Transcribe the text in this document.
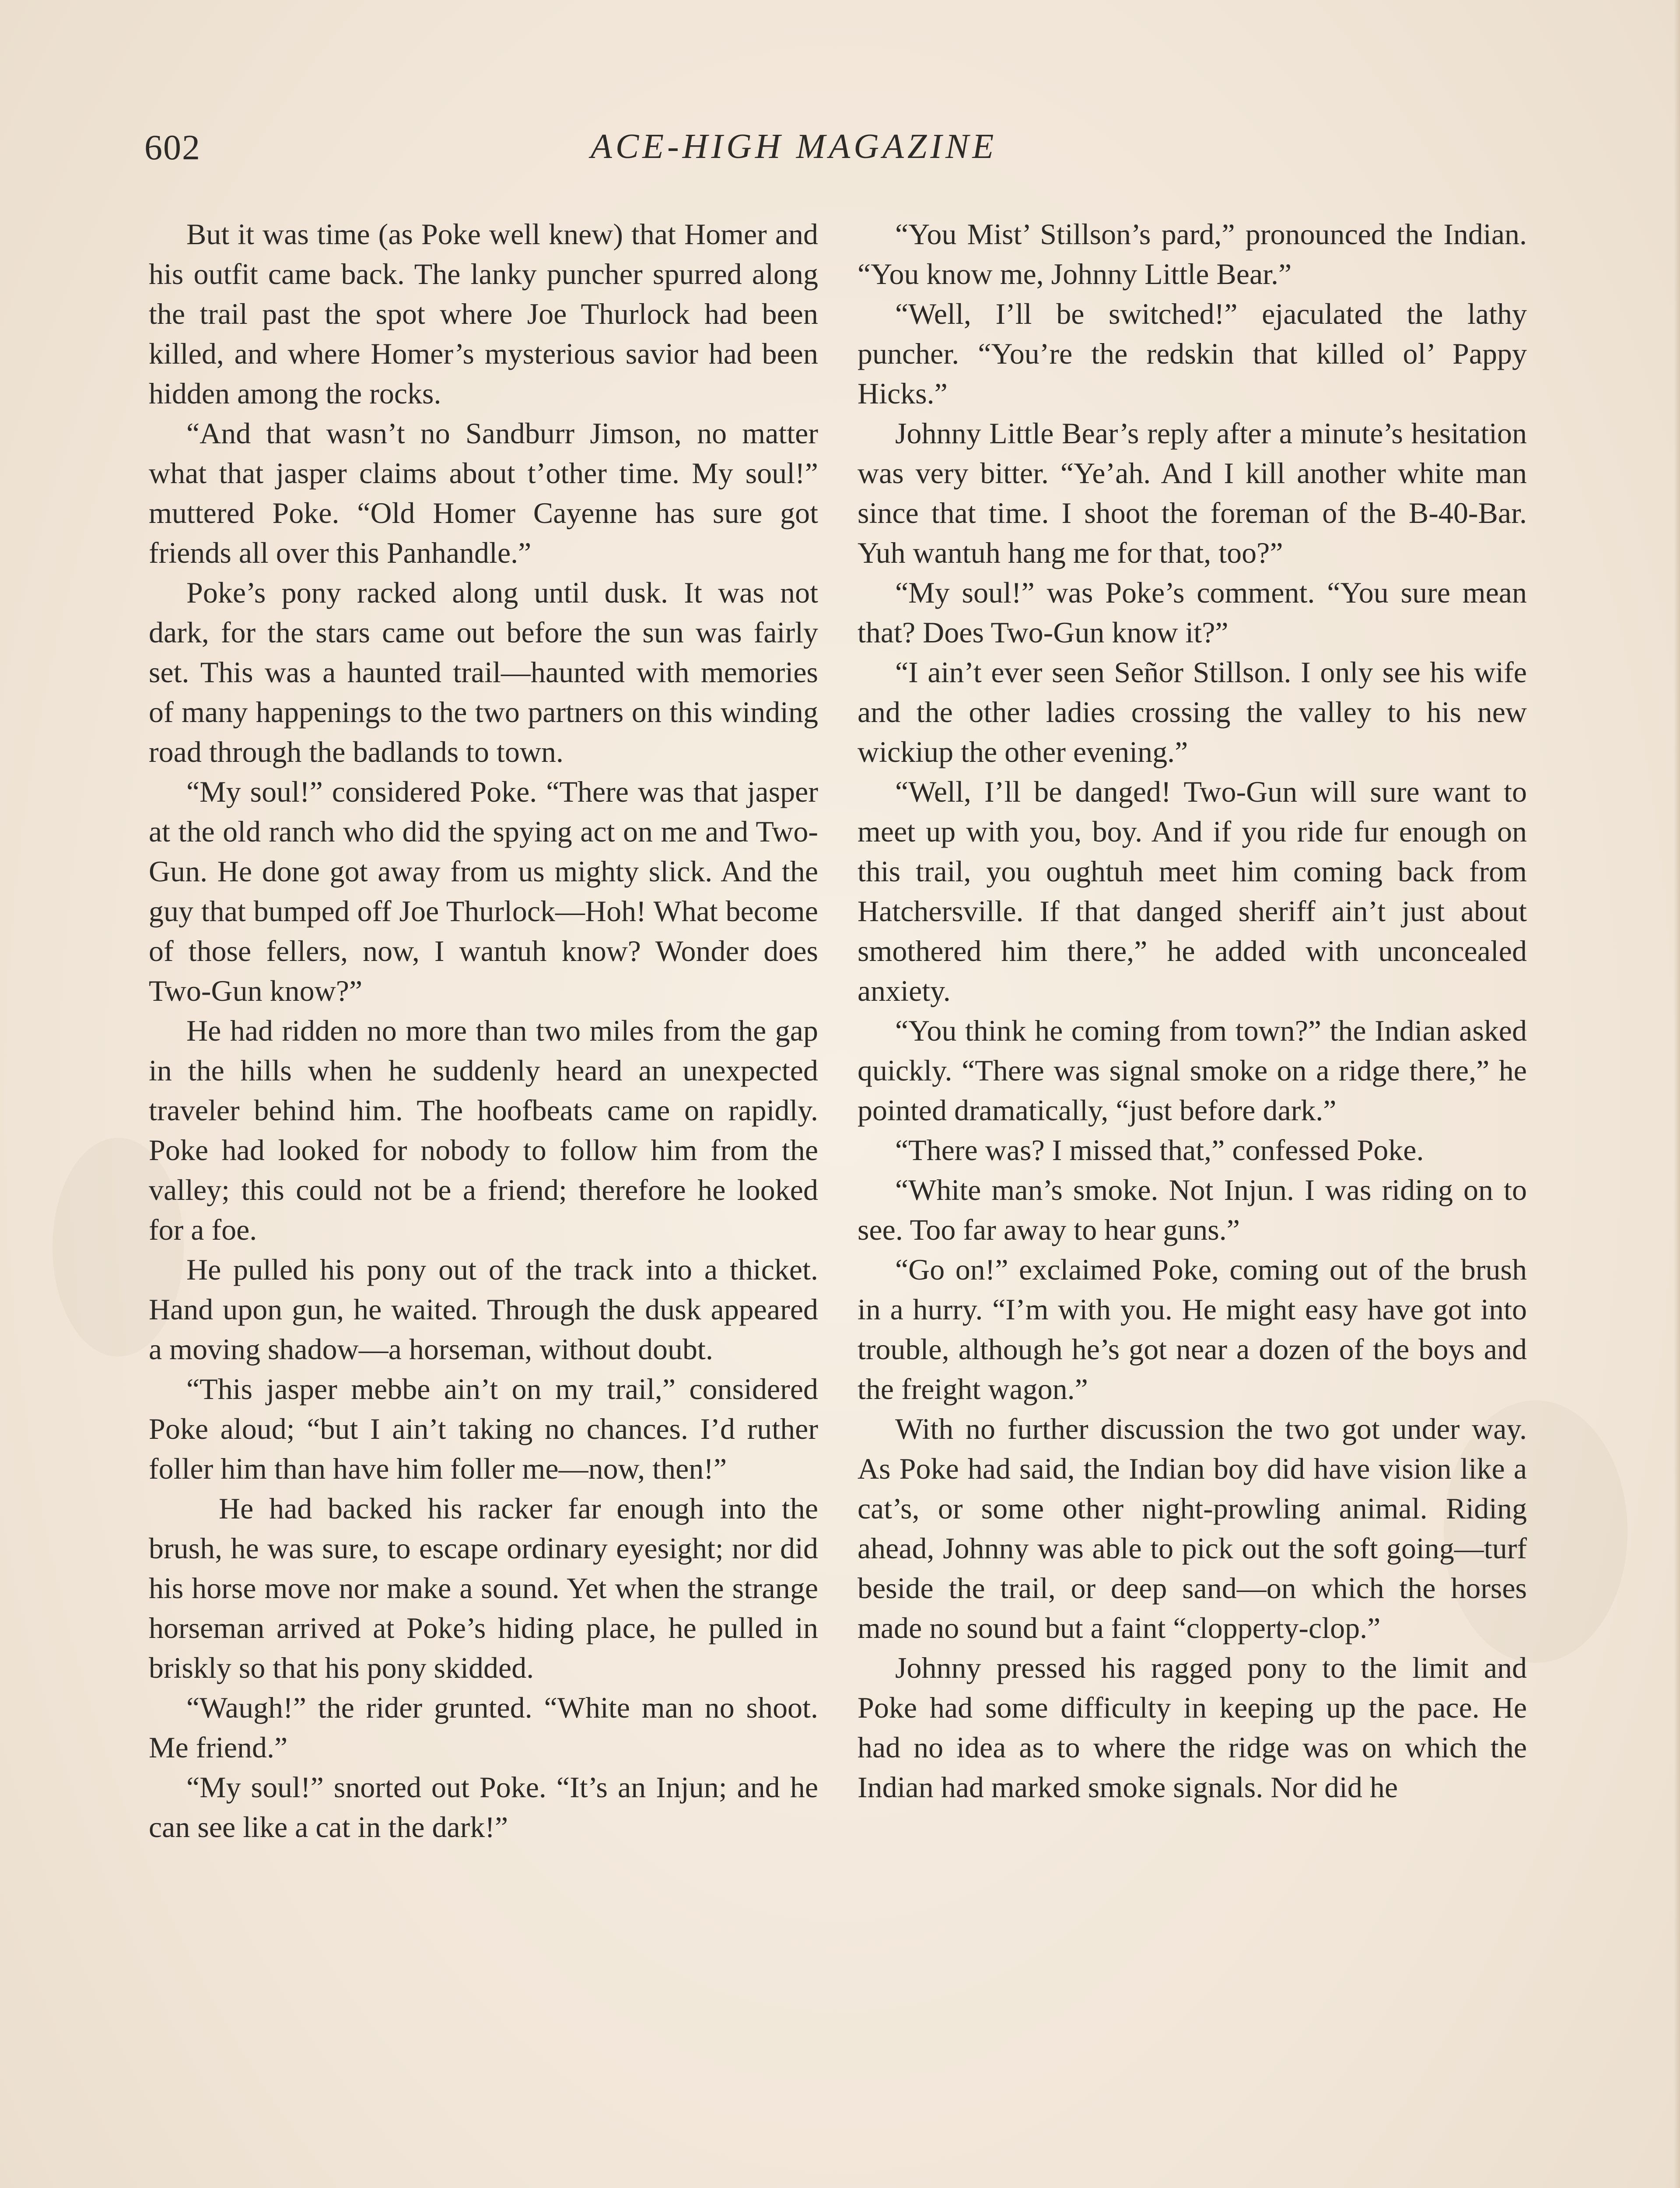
602	ACE-HIGH MAGAZINE

But it was time (as Poke well knew) that Homer and his outfit came back. The lanky puncher spurred along the trail past the spot where Joe Thurlock had been killed, and where Homer’s mysterious savior had been hidden among the rocks.

“And that wasn’t no Sandburr Jimson, no matter what that jasper claims about t’other time. My soul!” muttered Poke. “Old Homer Cayenne has sure got friends all over this Panhandle.”

Poke’s pony racked along until dusk. It was not dark, for the stars came out before the sun was fairly set. This was a haunted trail—haunted with memories of many happenings to the two partners on this winding road through the badlands to town.

“My soul!” considered Poke. “There was that jasper at the old ranch who did the spying act on me and Two-Gun. He done got away from us mighty slick. And the guy that bumped off Joe Thurlock—Hoh! What become of those fellers, now, I wantuh know? Wonder does Two-Gun know?”

He had ridden no more than two miles from the gap in the hills when he suddenly heard an unexpected traveler behind him. The hoofbeats came on rapidly. Poke had looked for nobody to follow him from the valley; this could not be a friend; therefore he looked for a foe.

He pulled his pony out of the track into a thicket. Hand upon gun, he waited. Through the dusk appeared a moving shadow—a horseman, without doubt.

“This jasper mebbe ain’t on my trail,” considered Poke aloud; “but I ain’t taking no chances. I’d ruther foller him than have him foller me—now, then!”

He had backed his racker far enough into the brush, he was sure, to escape ordinary eyesight; nor did his horse move nor make a sound. Yet when the strange horseman arrived at Poke’s hiding place, he pulled in briskly so that his pony skidded.

“Waugh!” the rider grunted. “White man no shoot. Me friend.”

“My soul!” snorted out Poke. “It’s an Injun; and he can see like a cat in the dark!”

“You Mist’ Stillson’s pard,” pronounced the Indian. “You know me, Johnny Little Bear.”

“Well, I’ll be switched!” ejaculated the lathy puncher. “You’re the redskin that killed ol’ Pappy Hicks.”

Johnny Little Bear’s reply after a minute’s hesitation was very bitter. “Ye’ah. And I kill another white man since that time. I shoot the foreman of the B-40-Bar. Yuh wantuh hang me for that, too?”

“My soul!” was Poke’s comment. “You sure mean that? Does Two-Gun know it?”

“I ain’t ever seen Señor Stillson. I only see his wife and the other ladies crossing the valley to his new wickiup the other evening.”

“Well, I’ll be danged! Two-Gun will sure want to meet up with you, boy. And if you ride fur enough on this trail, you oughtuh meet him coming back from Hatchersville. If that danged sheriff ain’t just about smothered him there,” he added with unconcealed anxiety.

“You think he coming from town?” the Indian asked quickly. “There was signal smoke on a ridge there,” he pointed dramatically, “just before dark.”

“There was? I missed that,” confessed Poke.

“White man’s smoke. Not Injun. I was riding on to see. Too far away to hear guns.”

“Go on!” exclaimed Poke, coming out of the brush in a hurry. “I’m with you. He might easy have got into trouble, although he’s got near a dozen of the boys and the freight wagon.”

With no further discussion the two got under way. As Poke had said, the Indian boy did have vision like a cat’s, or some other night-prowling animal. Riding ahead, Johnny was able to pick out the soft going—turf beside the trail, or deep sand—on which the horses made no sound but a faint “clopperty-clop.”

Johnny pressed his ragged pony to the limit and Poke had some difficulty in keeping up the pace. He had no idea as to where the ridge was on which the Indian had marked smoke signals. Nor did he
